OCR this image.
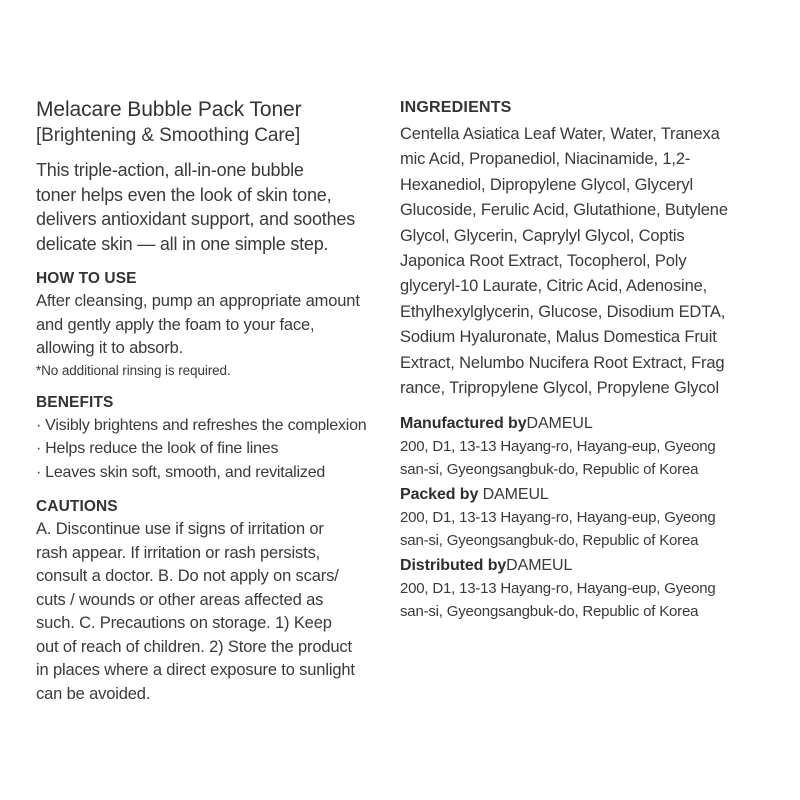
Melacare Bubble Pack Toner
[Brightening & Smoothing Care]

This triple-action, all-in-one bubble
toner helps even the look of skin tone,
delivers antioxidant support, and soothes
delicate skin — all in one simple step.

HOW TO USE

After cleansing, pump an appropriate amount
and gently apply the foam to your face,
allowing it to absorb.

*No additional rinsing is required.

BENEFITS
· Visibly brightens and refreshes the complexion
· Helps reduce the look of fine lines
· Leaves skin soft, smooth, and revitalized
CAUTIONS

A. Discontinue use if signs of irritation or
rash appear. If irritation or rash persists,
consult a doctor. B. Do not apply on scars/
cuts / wounds or other areas affected as
such. C. Precautions on storage. 1) Keep
out of reach of children. 2) Store the product
in places where a direct exposure to sunlight
can be avoided.

INGREDIENTS

Centella Asiatica Leaf Water, Water, Tranexa
mic Acid, Propanediol, Niacinamide, 1,2-
Hexanediol, Dipropylene Glycol, Glyceryl
Glucoside, Ferulic Acid, Glutathione, Butylene
Glycol, Glycerin, Caprylyl Glycol, Coptis
Japonica Root Extract, Tocopherol, Poly
glyceryl-10 Laurate, Citric Acid, Adenosine,
Ethylhexylglycerin, Glucose, Disodium EDTA,
Sodium Hyaluronate, Malus Domestica Fruit
Extract, Nelumbo Nucifera Root Extract, Frag
rance, Tripropylene Glycol, Propylene Glycol

Manufactured byDAMEUL

200, D1, 13-13 Hayang-ro, Hayang-eup, Gyeong
san-si, Gyeongsangbuk-do, Republic of Korea

Packed by DAMEUL

200, D1, 13-13 Hayang-ro, Hayang-eup, Gyeong
san-si, Gyeongsangbuk-do, Republic of Korea

Distributed byDAMEUL

200, D1, 13-13 Hayang-ro, Hayang-eup, Gyeong
san-si, Gyeongsangbuk-do, Republic of Korea
